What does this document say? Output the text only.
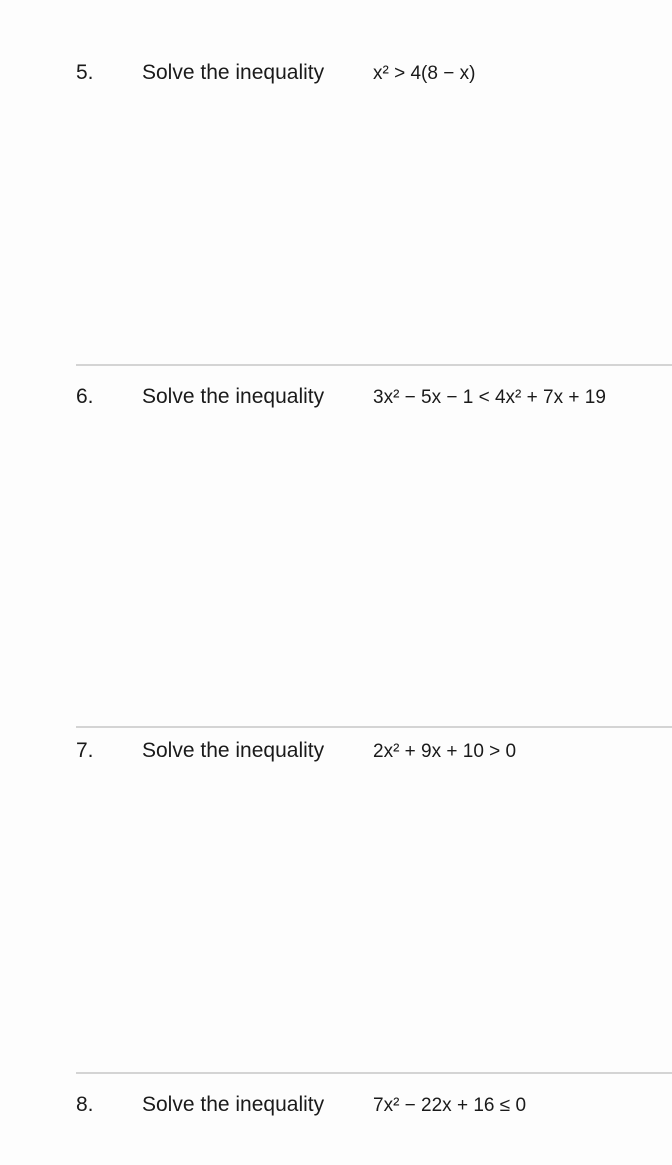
5. Solve the inequality	x² > 4(8 − x)
6. Solve the inequality	3x² − 5x − 1 < 4x² + 7x + 19
7. Solve the inequality	2x² + 9x + 10 > 0
8. Solve the inequality	7x² − 22x + 16 ≤ 0
